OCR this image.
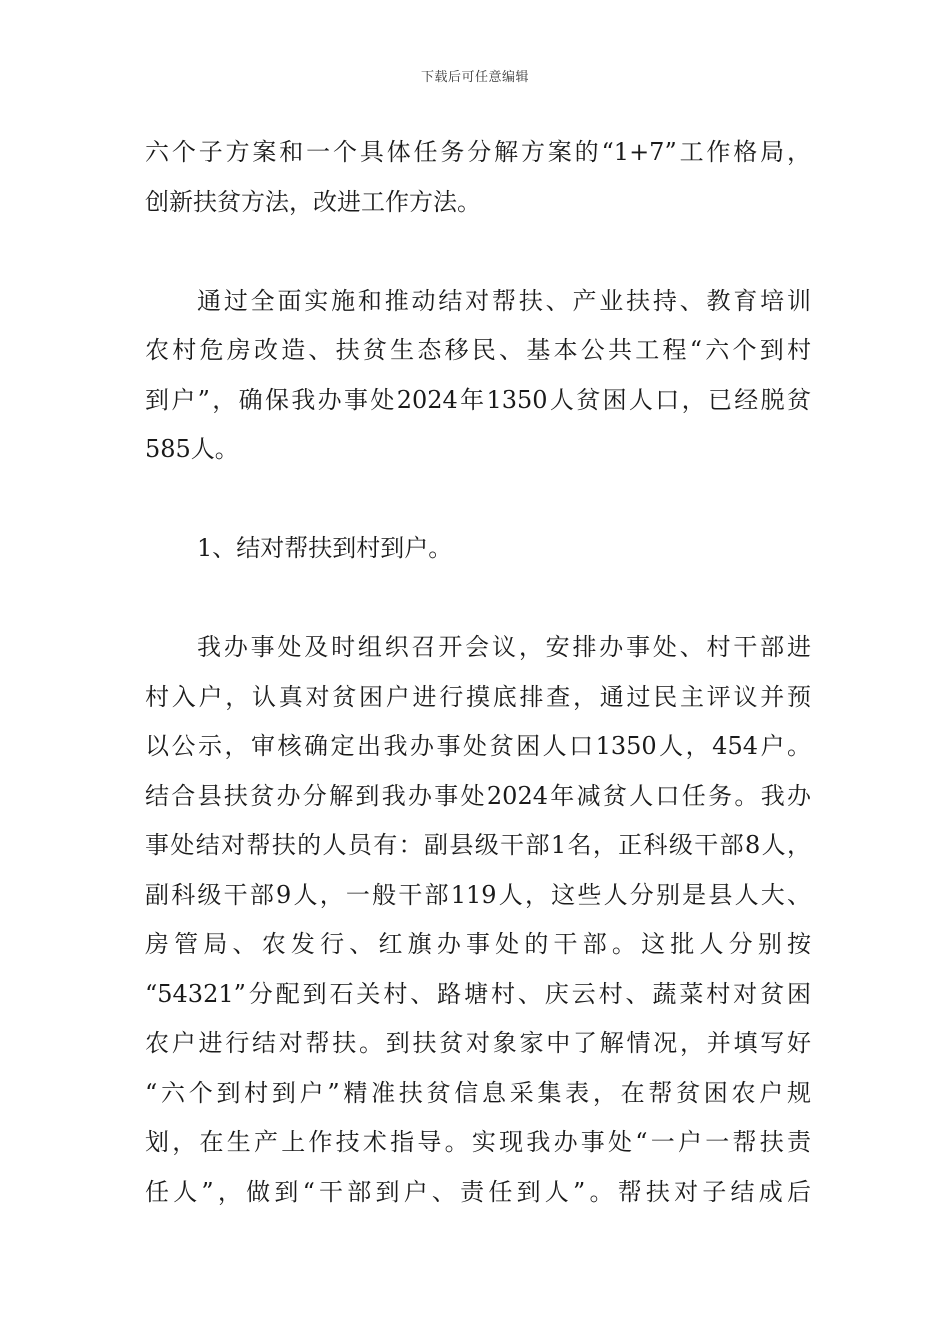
下载后可任意编辑
六个子方案和一个具体任务分解方案的“1+7”工作格局，
创新扶贫方法，改进工作方法。
通过全面实施和推动结对帮扶、产业扶持、教育培训
农村危房改造、扶贫生态移民、基本公共工程“六个到村
到户”，确保我办事处2024年1350人贫困人口，已经脱贫
585人。
1、结对帮扶到村到户。
我办事处及时组织召开会议，安排办事处、村干部进
村入户，认真对贫困户进行摸底排查，通过民主评议并预
以公示，审核确定出我办事处贫困人口1350人，454户。
结合县扶贫办分解到我办事处2024年减贫人口任务。我办
事处结对帮扶的人员有：副县级干部1名，正科级干部8人，
副科级干部9人，一般干部119人，这些人分别是县人大、
房管局、农发行、红旗办事处的干部。这批人分别按
“54321”分配到石关村、路塘村、庆云村、蔬菜村对贫困
农户进行结对帮扶。到扶贫对象家中了解情况，并填写好
“六个到村到户”精准扶贫信息采集表，在帮贫困农户规
划，在生产上作技术指导。实现我办事处“一户一帮扶责
任人”，做到“干部到户、责任到人”。帮扶对子结成后
